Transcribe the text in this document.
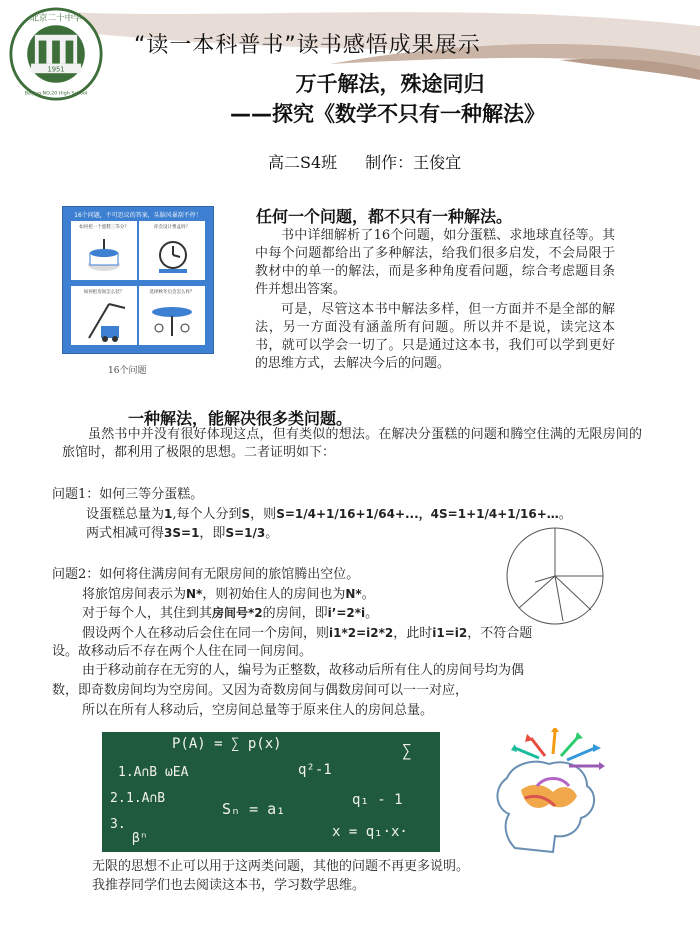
1951
北京二十中学
Beijing NO.20 High School
“读一本科普书”读书感悟成果展示
万千解法，殊途同归
——探究《数学不只有一种解法》
高二S4班 制作：王俊宜
16个问题，不可思议的答案，头脑风暴刮不停！
如何把一个蛋糕三等分？	你会设计费盒吗？
如何把房间怎么装？	选择秋冬后会怎么样？
16个问题
任何一个问题，都不只有一种解法。
书中详细解析了16个问题，如分蛋糕、求地球直径等。其中每个问题都给出了多种解法，给我们很多启发，不会局限于教材中的单一的解法，而是多种角度看问题，综合考虑题目条件并想出答案。
可是，尽管这本书中解法多样，但一方面并不是全部的解法，另一方面没有涵盖所有问题。所以并不是说，读完这本书，就可以学会一切了。只是通过这本书，我们可以学到更好的思维方式，去解决今后的问题。
一种解法，能解决很多类问题。
虽然书中并没有很好体现这点，但有类似的想法。在解决分蛋糕的问题和腾空住满的无限房间的旅馆时，都利用了极限的思想。二者证明如下：
问题1：如何三等分蛋糕。
设蛋糕总量为1,每个人分到S，则S=1/4+1/16+1/64+...，4S=1+1/4+1/16+…。
两式相减可得3S=1，即S=1/3。
问题2：如何将住满房间有无限房间的旅馆腾出空位。
将旅馆房间表示为N*，则初始住人的房间也为N*。
对于每个人，其住到其房间号*2的房间，即i’=2*i。
假设两个人在移动后会住在同一个房间，则i1*2=i2*2，此时i1=i2，不符合题
设。故移动后不存在两个人住在同一间房间。
由于移动前存在无穷的人，编号为正整数，故移动后所有住人的房间号均为偶
数，即奇数房间均为空房间。又因为奇数房间与偶数房间可以一一对应，
所以在所有人移动后，空房间总量等于原来住人的房间总量。
P(A) = ∑ p(x)
1.A∩B ωEA	q²-1
1.A∩B
2.
3.
βⁿ
Sₙ = a₁	q₁ - 1
x = q₁·x·
∑
无限的思想不止可以用于这两类问题，其他的问题不再更多说明。
我推荐同学们也去阅读这本书，学习数学思维。
